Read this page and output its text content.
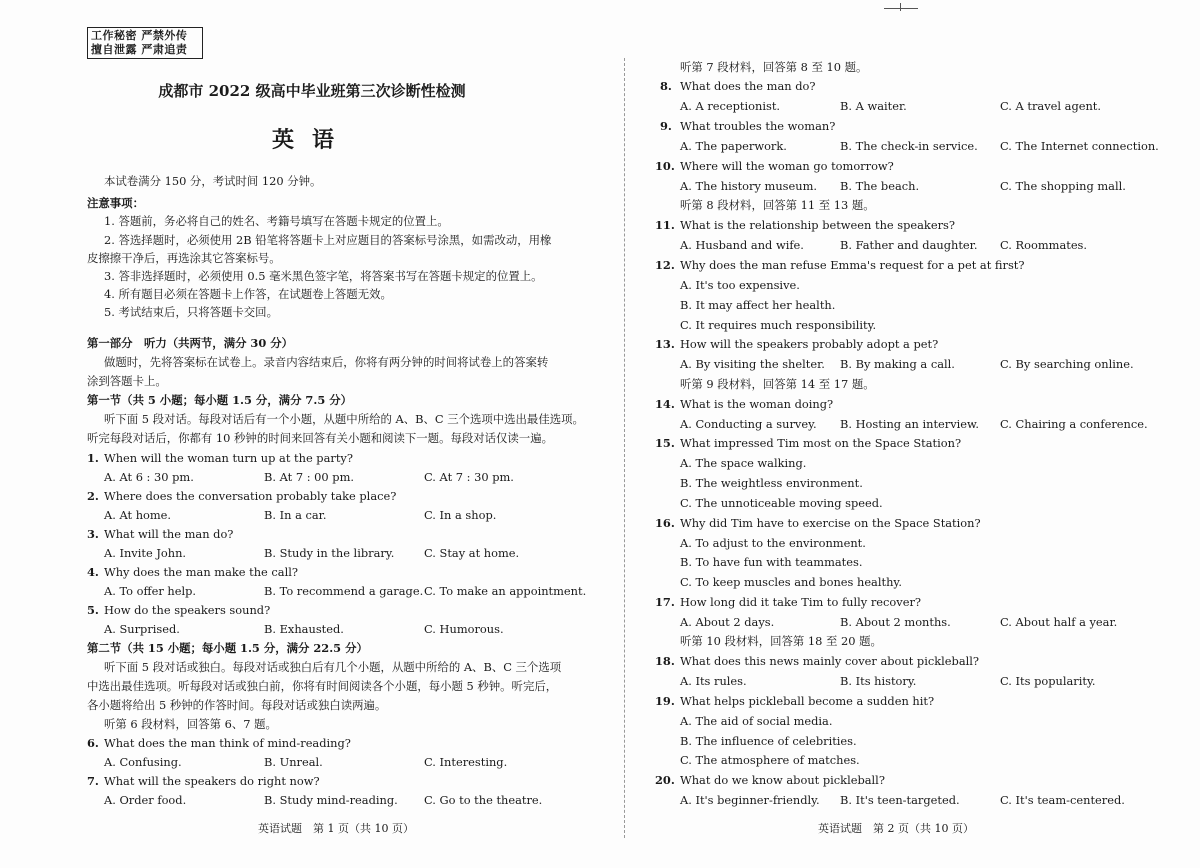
工作秘密 严禁外传
擅自泄露 严肃追责
成都市 2022 级高中毕业班第三次诊断性检测
英语
本试卷满分 150 分，考试时间 120 分钟。
注意事项：
1. 答题前，务必将自己的姓名、考籍号填写在答题卡规定的位置上。
2. 答选择题时，必须使用 2B 铅笔将答题卡上对应题目的答案标号涂黑，如需改动，用橡
皮擦擦干净后，再选涂其它答案标号。
3. 答非选择题时，必须使用 0.5 毫米黑色签字笔，将答案书写在答题卡规定的位置上。
4. 所有题目必须在答题卡上作答，在试题卷上答题无效。
5. 考试结束后，只将答题卡交回。
第一部分　听力（共两节，满分 30 分）
做题时，先将答案标在试卷上。录音内容结束后，你将有两分钟的时间将试卷上的答案转
涂到答题卡上。
第一节（共 5 小题；每小题 1.5 分，满分 7.5 分）
听下面 5 段对话。每段对话后有一个小题，从题中所给的 A、B、C 三个选项中选出最佳选项。
听完每段对话后，你都有 10 秒钟的时间来回答有关小题和阅读下一题。每段对话仅读一遍。
1. When will the woman turn up at the party?
A. At 6 : 30 pm.	B. At 7 : 00 pm.	C. At 7 : 30 pm.
2. Where does the conversation probably take place?
A. At home.	B. In a car.	C. In a shop.
3. What will the man do?
A. Invite John.	B. Study in the library.	C. Stay at home.
4. Why does the man make the call?
A. To offer help.	B. To recommend a garage. C. To make an appointment.
5. How do the speakers sound?
A. Surprised.	B. Exhausted.	C. Humorous.
第二节（共 15 小题；每小题 1.5 分，满分 22.5 分）
听下面 5 段对话或独白。每段对话或独白后有几个小题，从题中所给的 A、B、C 三个选项
中选出最佳选项。听每段对话或独白前，你将有时间阅读各个小题，每小题 5 秒钟。听完后，
各小题将给出 5 秒钟的作答时间。每段对话或独白读两遍。
听第 6 段材料，回答第 6、7 题。
6. What does the man think of mind-reading?
A. Confusing.	B. Unreal.	C. Interesting.
7. What will the speakers do right now?
A. Order food.	B. Study mind-reading. C. Go to the theatre.
英语试题　第 1 页（共 10 页）
听第 7 段材料，回答第 8 至 10 题。
8. What does the man do?
A. A receptionist.	B. A waiter.	C. A travel agent.
9. What troubles the woman?
A. The paperwork.	B. The check-in service. C. The Internet connection.
10. Where will the woman go tomorrow?
A. The history museum. B. The beach.	C. The shopping mall.
听第 8 段材料，回答第 11 至 13 题。
11. What is the relationship between the speakers?
A. Husband and wife.	B. Father and daughter. C. Roommates.
12. Why does the man refuse Emma's request for a pet at first?
A. It's too expensive.
B. It may affect her health.
C. It requires much responsibility.
13. How will the speakers probably adopt a pet?
A. By visiting the shelter. B. By making a call.	C. By searching online.
听第 9 段材料，回答第 14 至 17 题。
14. What is the woman doing?
A. Conducting a survey. B. Hosting an interview. C. Chairing a conference.
15. What impressed Tim most on the Space Station?
A. The space walking.
B. The weightless environment.
C. The unnoticeable moving speed.
16. Why did Tim have to exercise on the Space Station?
A. To adjust to the environment.
B. To have fun with teammates.
C. To keep muscles and bones healthy.
17. How long did it take Tim to fully recover?
A. About 2 days.	B. About 2 months.	C. About half a year.
听第 10 段材料，回答第 18 至 20 题。
18. What does this news mainly cover about pickleball?
A. Its rules.	B. Its history.	C. Its popularity.
19. What helps pickleball become a sudden hit?
A. The aid of social media.
B. The influence of celebrities.
C. The atmosphere of matches.
20. What do we know about pickleball?
A. It's beginner-friendly. B. It's teen-targeted.	C. It's team-centered.
英语试题　第 2 页（共 10 页）
